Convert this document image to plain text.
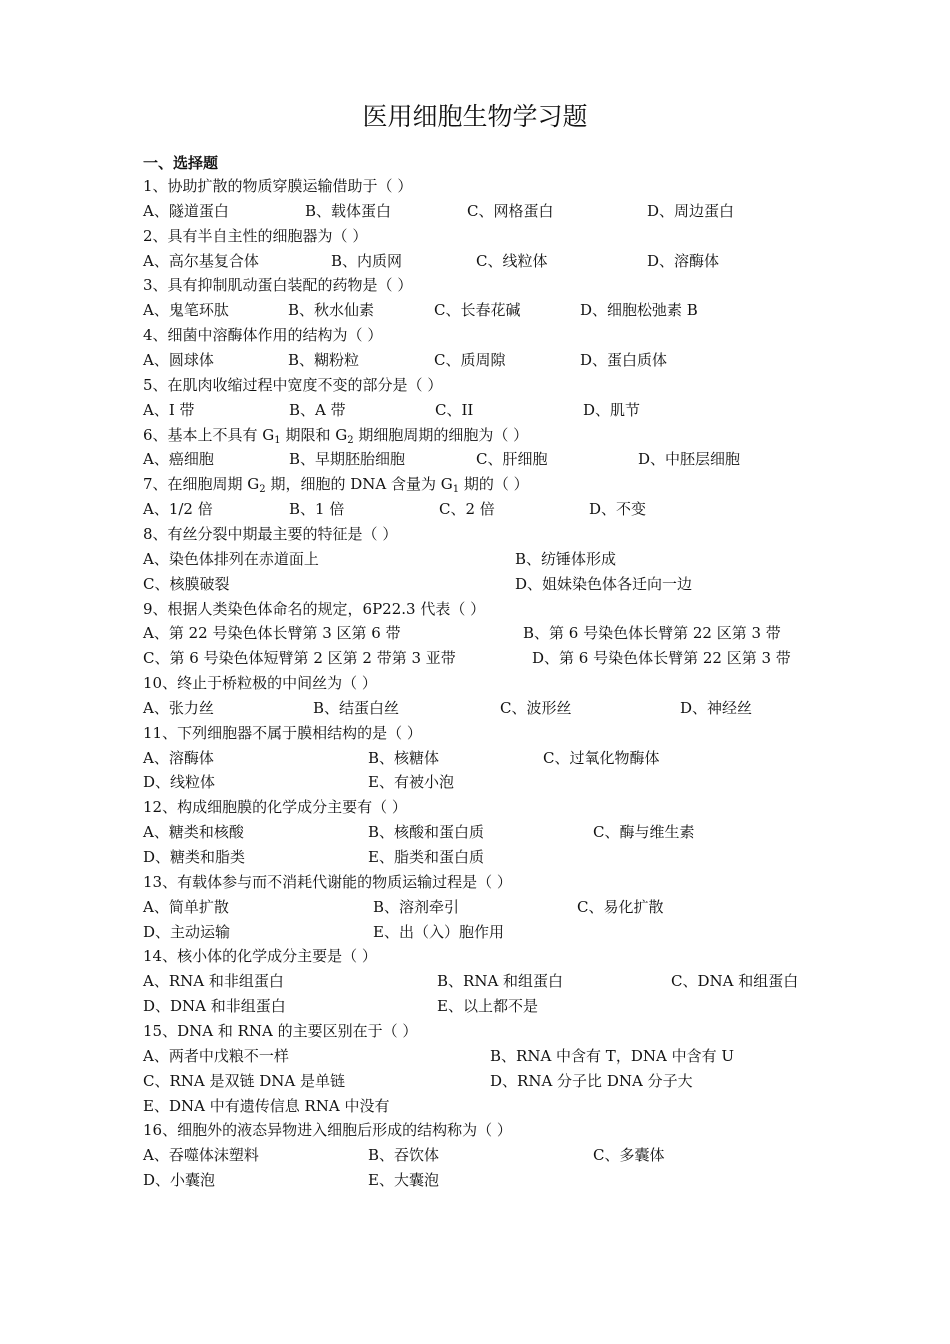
医用细胞生物学习题
一、选择题
1、协助扩散的物质穿膜运输借助于（ ）
A、隧道蛋白	B、载体蛋白	C、网格蛋白	D、周边蛋白
2、具有半自主性的细胞器为（ ）
A、高尔基复合体	B、内质网	C、线粒体	D、溶酶体
3、具有抑制肌动蛋白装配的药物是（ ）
A、鬼笔环肽	B、秋水仙素	C、长春花碱	D、细胞松弛素 B
4、细菌中溶酶体作用的结构为（ ）
A、圆球体	B、糊粉粒	C、质周隙	D、蛋白质体
5、在肌肉收缩过程中宽度不变的部分是（ ）
A、I 带	B、A 带	C、II	D、肌节
6、基本上不具有 $G_1$ 期限和 $G_2$ 期细胞周期的细胞为（ ）
A、癌细胞	B、早期胚胎细胞	C、肝细胞	D、中胚层细胞
7、在细胞周期 $G_2$ 期，细胞的 DNA 含量为 $G_1$ 期的（ ）
A、1/2 倍	B、1 倍	C、2 倍	D、不变
8、有丝分裂中期最主要的特征是（ ）
A、染色体排列在赤道面上	B、纺锤体形成
C、核膜破裂	D、姐妹染色体各迁向一边
9、根据人类染色体命名的规定，6P22.3 代表（ ）
A、第 22 号染色体长臂第 3 区第 6 带	B、第 6 号染色体长臂第 22 区第 3 带
C、第 6 号染色体短臂第 2 区第 2 带第 3 亚带	D、第 6 号染色体长臂第 22 区第 3 带
10、终止于桥粒极的中间丝为（ ）
A、张力丝	B、结蛋白丝	C、波形丝	D、神经丝
11、下列细胞器不属于膜相结构的是（ ）
A、溶酶体	B、核糖体	C、过氧化物酶体
D、线粒体	E、有被小泡
12、构成细胞膜的化学成分主要有（ ）
A、糖类和核酸	B、核酸和蛋白质	C、酶与维生素
D、糖类和脂类	E、脂类和蛋白质
13、有载体参与而不消耗代谢能的物质运输过程是（ ）
A、简单扩散	B、溶剂牵引	C、易化扩散
D、主动运输	E、出（入）胞作用
14、核小体的化学成分主要是（ ）
A、RNA 和非组蛋白	B、RNA 和组蛋白	C、DNA 和组蛋白
D、DNA 和非组蛋白	E、以上都不是
15、DNA 和 RNA 的主要区别在于（ ）
A、两者中戊粮不一样	B、RNA 中含有 T，DNA 中含有 U
C、RNA 是双链 DNA 是单链	D、RNA 分子比 DNA 分子大
E、DNA 中有遗传信息 RNA 中没有
16、细胞外的液态异物进入细胞后形成的结构称为（ ）
A、吞噬体沫塑料	B、吞饮体	C、多囊体
D、小囊泡	E、大囊泡
